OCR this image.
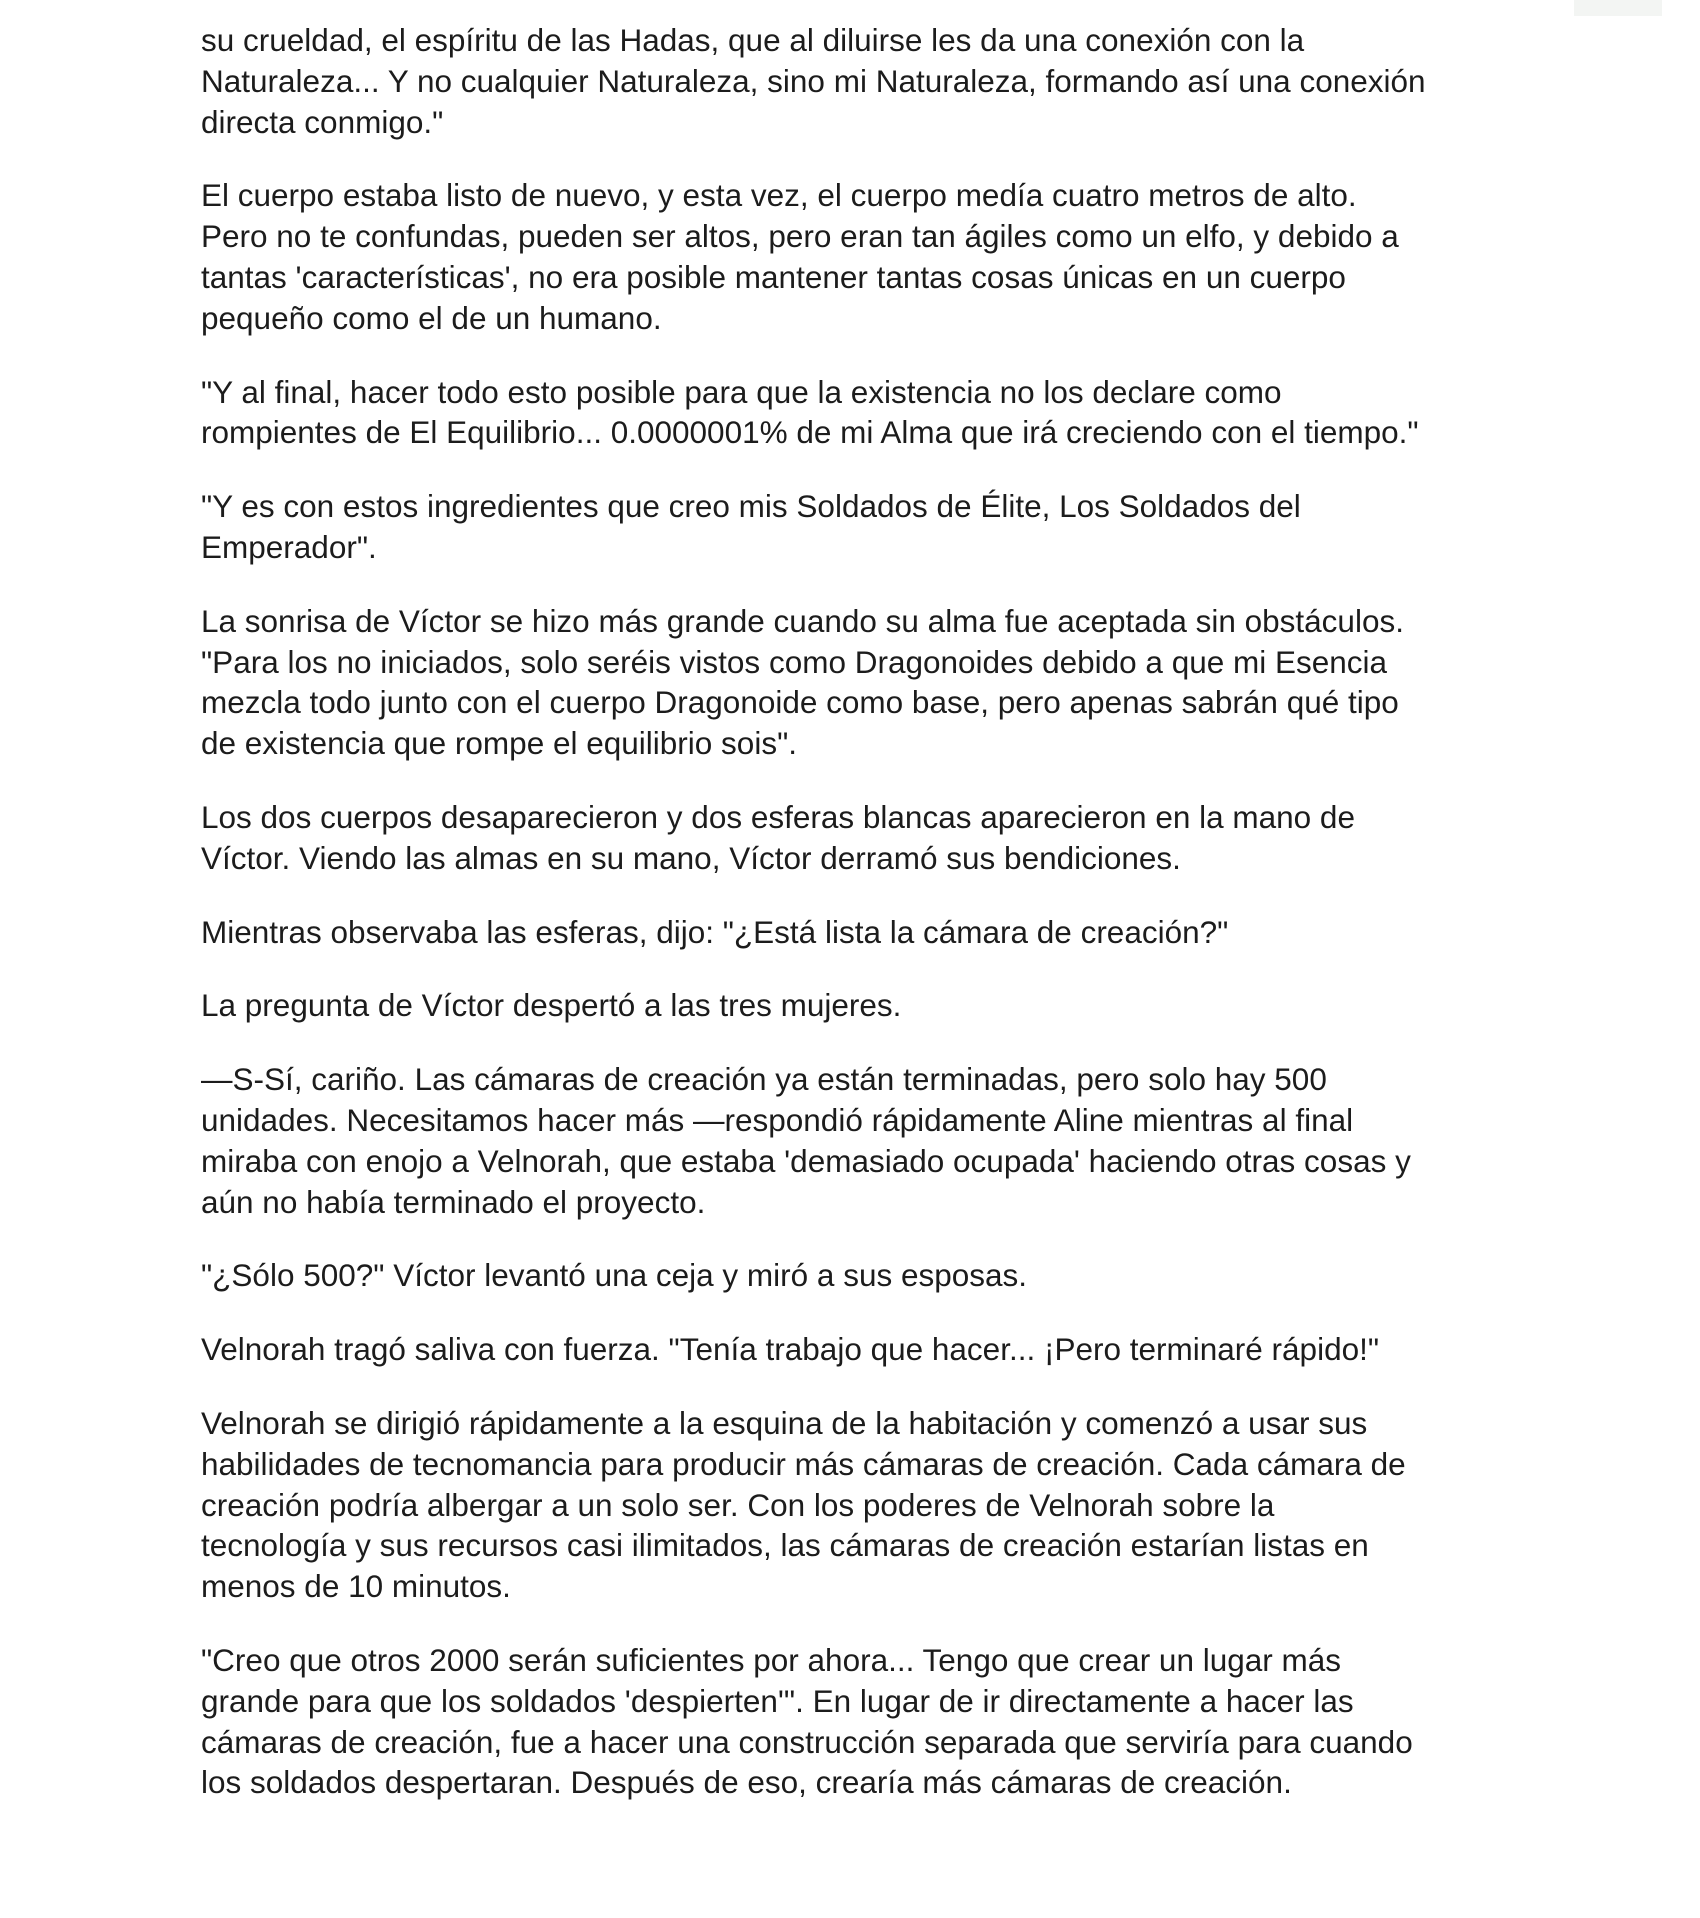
su crueldad, el espíritu de las Hadas, que al diluirse les da una conexión con la
Naturaleza... Y no cualquier Naturaleza, sino mi Naturaleza, formando así una conexión
directa conmigo."

El cuerpo estaba listo de nuevo, y esta vez, el cuerpo medía cuatro metros de alto.
Pero no te confundas, pueden ser altos, pero eran tan ágiles como un elfo, y debido a
tantas 'características', no era posible mantener tantas cosas únicas en un cuerpo
pequeño como el de un humano.

"Y al final, hacer todo esto posible para que la existencia no los declare como
rompientes de El Equilibrio... 0.0000001% de mi Alma que irá creciendo con el tiempo."

"Y es con estos ingredientes que creo mis Soldados de Élite, Los Soldados del
Emperador".

La sonrisa de Víctor se hizo más grande cuando su alma fue aceptada sin obstáculos.
"Para los no iniciados, solo seréis vistos como Dragonoides debido a que mi Esencia
mezcla todo junto con el cuerpo Dragonoide como base, pero apenas sabrán qué tipo
de existencia que rompe el equilibrio sois".

Los dos cuerpos desaparecieron y dos esferas blancas aparecieron en la mano de
Víctor. Viendo las almas en su mano, Víctor derramó sus bendiciones.

Mientras observaba las esferas, dijo: "¿Está lista la cámara de creación?"

La pregunta de Víctor despertó a las tres mujeres.

—S-Sí, cariño. Las cámaras de creación ya están terminadas, pero solo hay 500
unidades. Necesitamos hacer más —respondió rápidamente Aline mientras al final
miraba con enojo a Velnorah, que estaba 'demasiado ocupada' haciendo otras cosas y
aún no había terminado el proyecto.

"¿Sólo 500?" Víctor levantó una ceja y miró a sus esposas.

Velnorah tragó saliva con fuerza. "Tenía trabajo que hacer... ¡Pero terminaré rápido!"

Velnorah se dirigió rápidamente a la esquina de la habitación y comenzó a usar sus
habilidades de tecnomancia para producir más cámaras de creación. Cada cámara de
creación podría albergar a un solo ser. Con los poderes de Velnorah sobre la
tecnología y sus recursos casi ilimitados, las cámaras de creación estarían listas en
menos de 10 minutos.

"Creo que otros 2000 serán suficientes por ahora... Tengo que crear un lugar más
grande para que los soldados 'despierten'". En lugar de ir directamente a hacer las
cámaras de creación, fue a hacer una construcción separada que serviría para cuando
los soldados despertaran. Después de eso, crearía más cámaras de creación.
